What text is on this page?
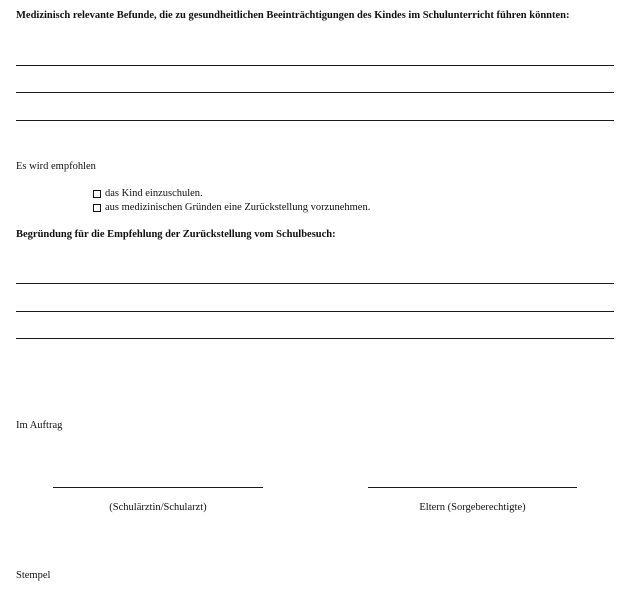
Medizinisch relevante Befunde, die zu gesundheitlichen Beeinträchtigungen des Kindes im Schulunterricht führen könnten:
Es wird empfohlen
das Kind einzuschulen.
aus medizinischen Gründen eine Zurückstellung vorzunehmen.
Begründung für die Empfehlung der Zurückstellung vom Schulbesuch:
Im Auftrag
(Schulärztin/Schularzt)	Eltern (Sorgeberechtigte)
Stempel
